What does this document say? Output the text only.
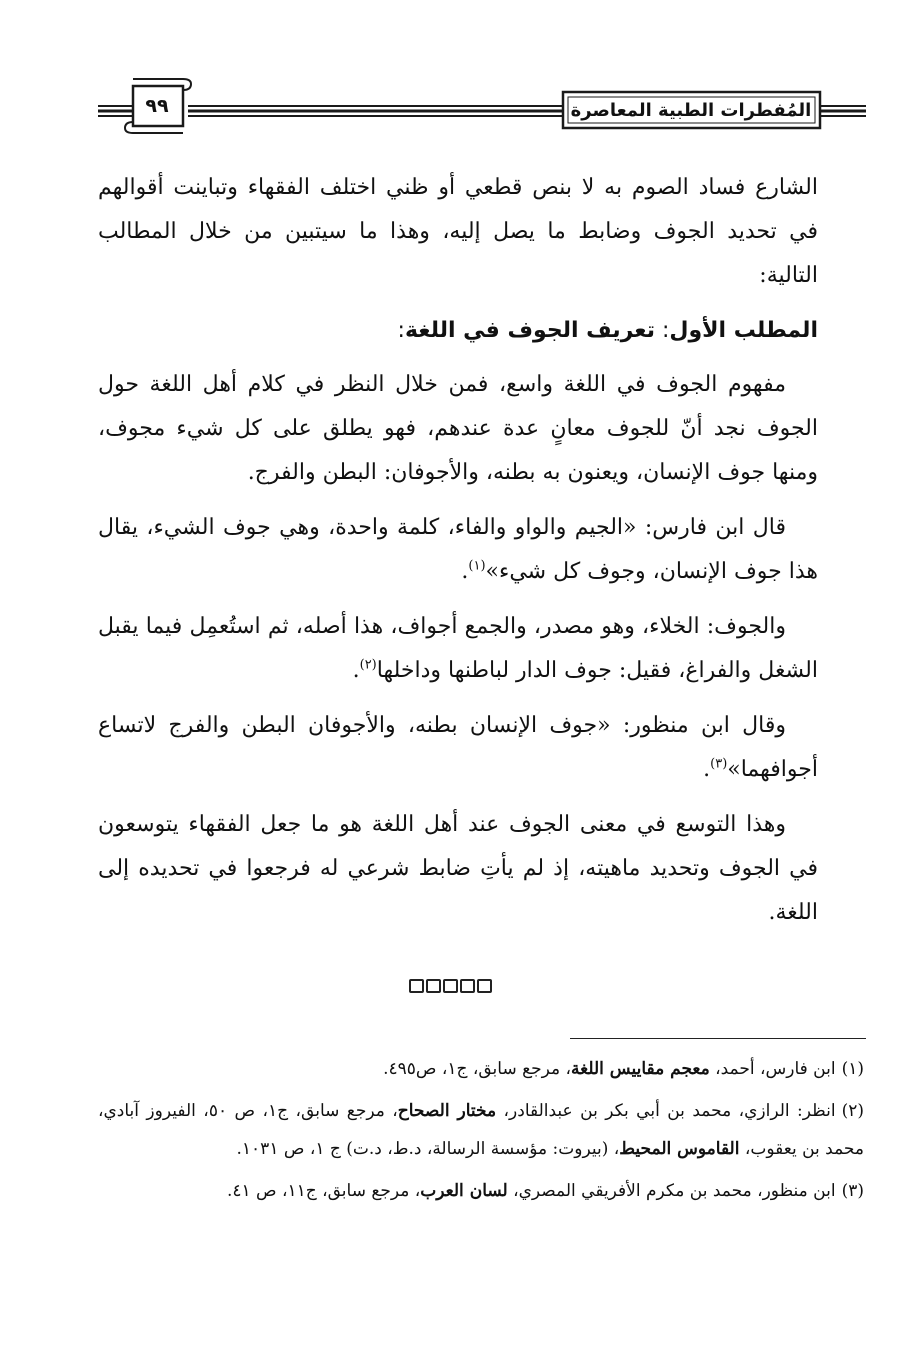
٩٩	المُفطرات الطبية المعاصرة

الشارع فساد الصوم به لا بنص قطعي أو ظني اختلف الفقهاء وتباينت أقوالهم في تحديد الجوف وضابط ما يصل إليه، وهذا ما سيتبين من خلال المطالب التالية:

المطلب الأول: تعريف الجوف في اللغة:

مفهوم الجوف في اللغة واسع، فمن خلال النظر في كلام أهل اللغة حول الجوف نجد أنّ للجوف معانٍ عدة عندهم، فهو يطلق على كل شيء مجوف، ومنها جوف الإنسان، ويعنون به بطنه، والأجوفان: البطن والفرج.

قال ابن فارس: «الجيم والواو والفاء، كلمة واحدة، وهي جوف الشيء، يقال هذا جوف الإنسان، وجوف كل شيء»$^{(١)}$.

والجوف: الخلاء، وهو مصدر، والجمع أجواف، هذا أصله، ثم استُعمِل فيما يقبل الشغل والفراغ، فقيل: جوف الدار لباطنها وداخلها$^{(٢)}$.

وقال ابن منظور: «جوف الإنسان بطنه، والأجوفان البطن والفرج لاتساع أجوافهما»$^{(٣)}$.

وهذا التوسع في معنى الجوف عند أهل اللغة هو ما جعل الفقهاء يتوسعون في الجوف وتحديد ماهيته، إذ لم يأتِ ضابط شرعي له فرجعوا في تحديده إلى اللغة.

(١)ابن فارس، أحمد، معجم مقاييس اللغة، مرجع سابق، ج١، ص٤٩٥.

(٢)انظر: الرازي، محمد بن أبي بكر بن عبدالقادر، مختار الصحاح، مرجع سابق، ج١، ص ٥٠، الفيروز آبادي، محمد بن يعقوب، القاموس المحيط، (بيروت: مؤسسة الرسالة، د.ط، د.ت) ج ١، ص ١٠٣١.

(٣)ابن منظور، محمد بن مكرم الأفريقي المصري، لسان العرب، مرجع سابق، ج١١، ص ٤١.
